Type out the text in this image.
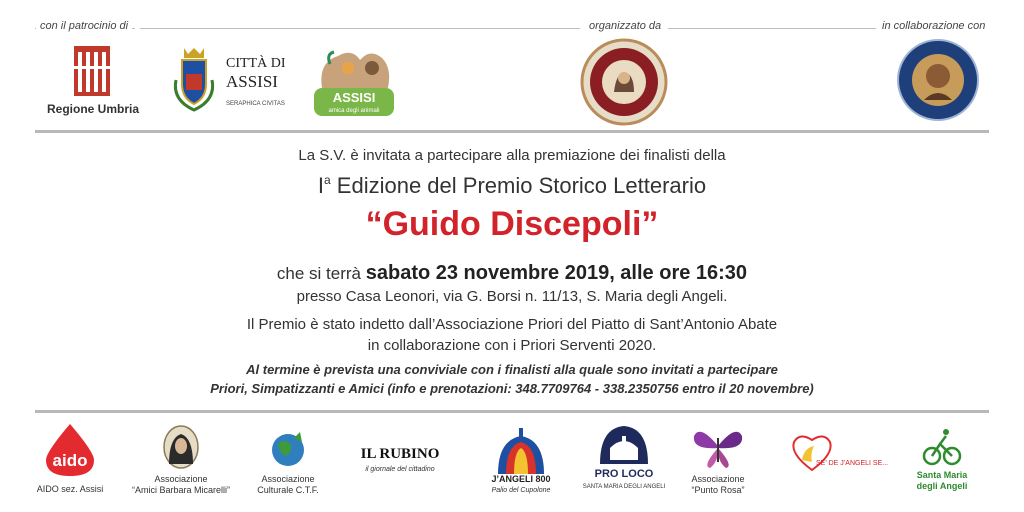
con il patrocinio di	organizzato da	in collaborazione con
Regione Umbria
CITTÀ DI
ASSISI
SERAPHICA CIVITAS	ASSISI
amica degli animali
La S.V. è invitata a partecipare alla premiazione dei finalisti della
$I^a$ Edizione del Premio Storico Letterario
“Guido Discepoli”
che si terrà sabato 23 novembre 2019, alle ore 16:30
presso Casa Leonori, via G. Borsi n. 11/13, S. Maria degli Angeli.
Il Premio è stato indetto dall’Associazione Priori del Piatto di Sant’Antonio Abate
in collaborazione con i Priori Serventi 2020.
Al termine è prevista una conviviale con i finalisti alla quale sono invitati a partecipare
Priori, Simpatizzanti e Amici (info e prenotazioni: 348.7709764 - 338.2350756 entro il 20 novembre)
aido
AIDO sez. Assisi
Associazione
“Amici Barbara Micarelli”
Associazione
Culturale C.T.F.
IL RUBINO
il giornale del cittadino
J’ANGELI 800
Palio del Cupolone
PRO LOCO
SANTA MARIA DEGLI ANGELI
Associazione
“Punto Rosa”
SE’ DE J’ANGELI SE...
Santa Maria
degli Angeli
